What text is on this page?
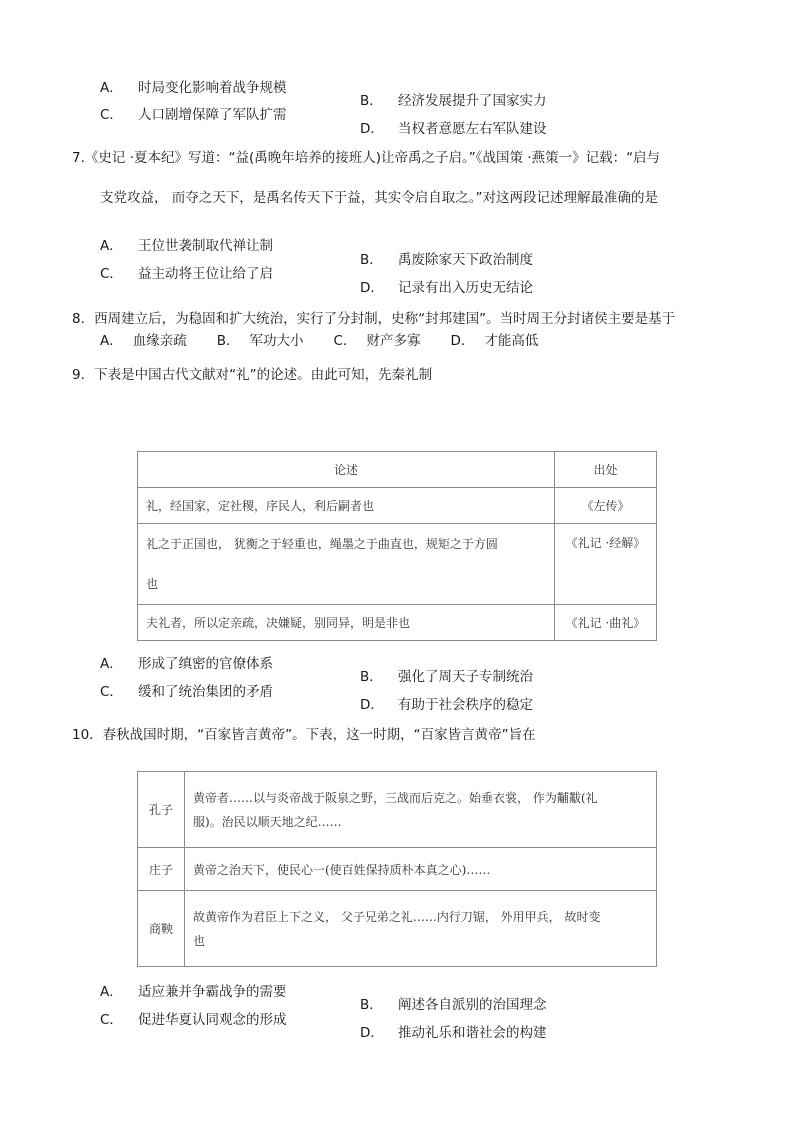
A． 时局变化影响着战争规模
B． 经济发展提升了国家实力
C． 人口剧增保障了军队扩需
D． 当权者意愿左右军队建设
7.《史记 ·夏本纪》写道：“益(禹晚年培养的接班人)让帝禹之子启。”《战国策 ·燕策一》记载：“启与
支党攻益， 而夺之天下，是禹名传天下于益，其实令启自取之。”对这两段记述理解最准确的是
A． 王位世袭制取代禅让制
B． 禹废除家天下政治制度
C． 益主动将王位让给了启
D． 记录有出入历史无结论
8．西周建立后，为稳固和扩大统治，实行了分封制，史称“封邦建国”。当时周王分封诸侯主要是基于
A． 血缘亲疏 B． 军功大小 C． 财产多寡 D． 才能高低
9．下表是中国古代文献对“礼”的论述。由此可知，先秦礼制
论述	出处
礼，经国家，定社稷，序民人，利后嗣者也	《左传》

礼之于正国也， 犹衡之于轻重也，绳墨之于曲直也，规矩之于方圆
也	《礼记 ·经解》
夫礼者，所以定亲疏，决嫌疑，别同异，明是非也	《礼记 ·曲礼》
A． 形成了缜密的官僚体系
B． 强化了周天子专制统治
C． 缓和了统治集团的矛盾
D． 有助于社会秩序的稳定
10．春秋战国时期，“百家皆言黄帝”。下表，这一时期，“百家皆言黄帝”旨在
孔子	黄帝者……以与炎帝战于阪泉之野，三战而后克之。始垂衣裳， 作为黼黻(礼
服)。治民以顺天地之纪……

庄子	黄帝之治天下，使民心一(使百姓保持质朴本真之心)……
商鞅	故黄帝作为君臣上下之义， 父子兄弟之礼……内行刀锯， 外用甲兵， 故时变
也
A． 适应兼并争霸战争的需要
B． 阐述各自派别的治国理念
C． 促进华夏认同观念的形成
D． 推动礼乐和谐社会的构建
